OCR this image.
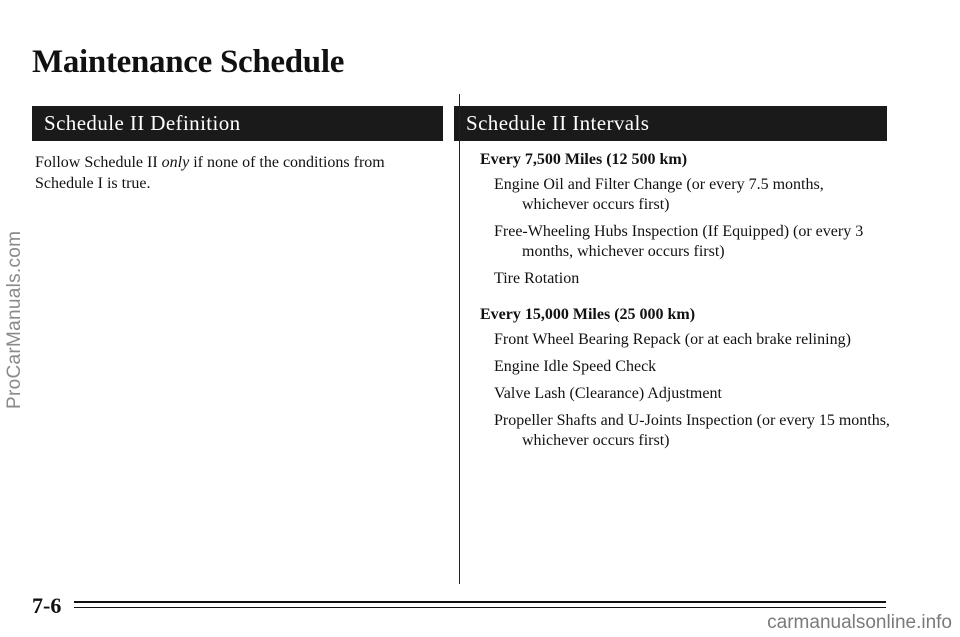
ProCarManuals.com
Maintenance Schedule
Schedule II Definition	Schedule II Intervals

Follow Schedule II only if none of the conditions from Schedule I is true.

Every 7,500 Miles (12 500 km)

Engine Oil and Filter Change (or every 7.5 months, whichever occurs first)

Free-Wheeling Hubs Inspection (If Equipped) (or every 3 months, whichever occurs first)

Tire Rotation

Every 15,000 Miles (25 000 km)

Front Wheel Bearing Repack (or at each brake relining)

Engine Idle Speed Check

Valve Lash (Clearance) Adjustment

Propeller Shafts and U-Joints Inspection (or every 15 months, whichever occurs first)

7-6

carmanualsonline.info
